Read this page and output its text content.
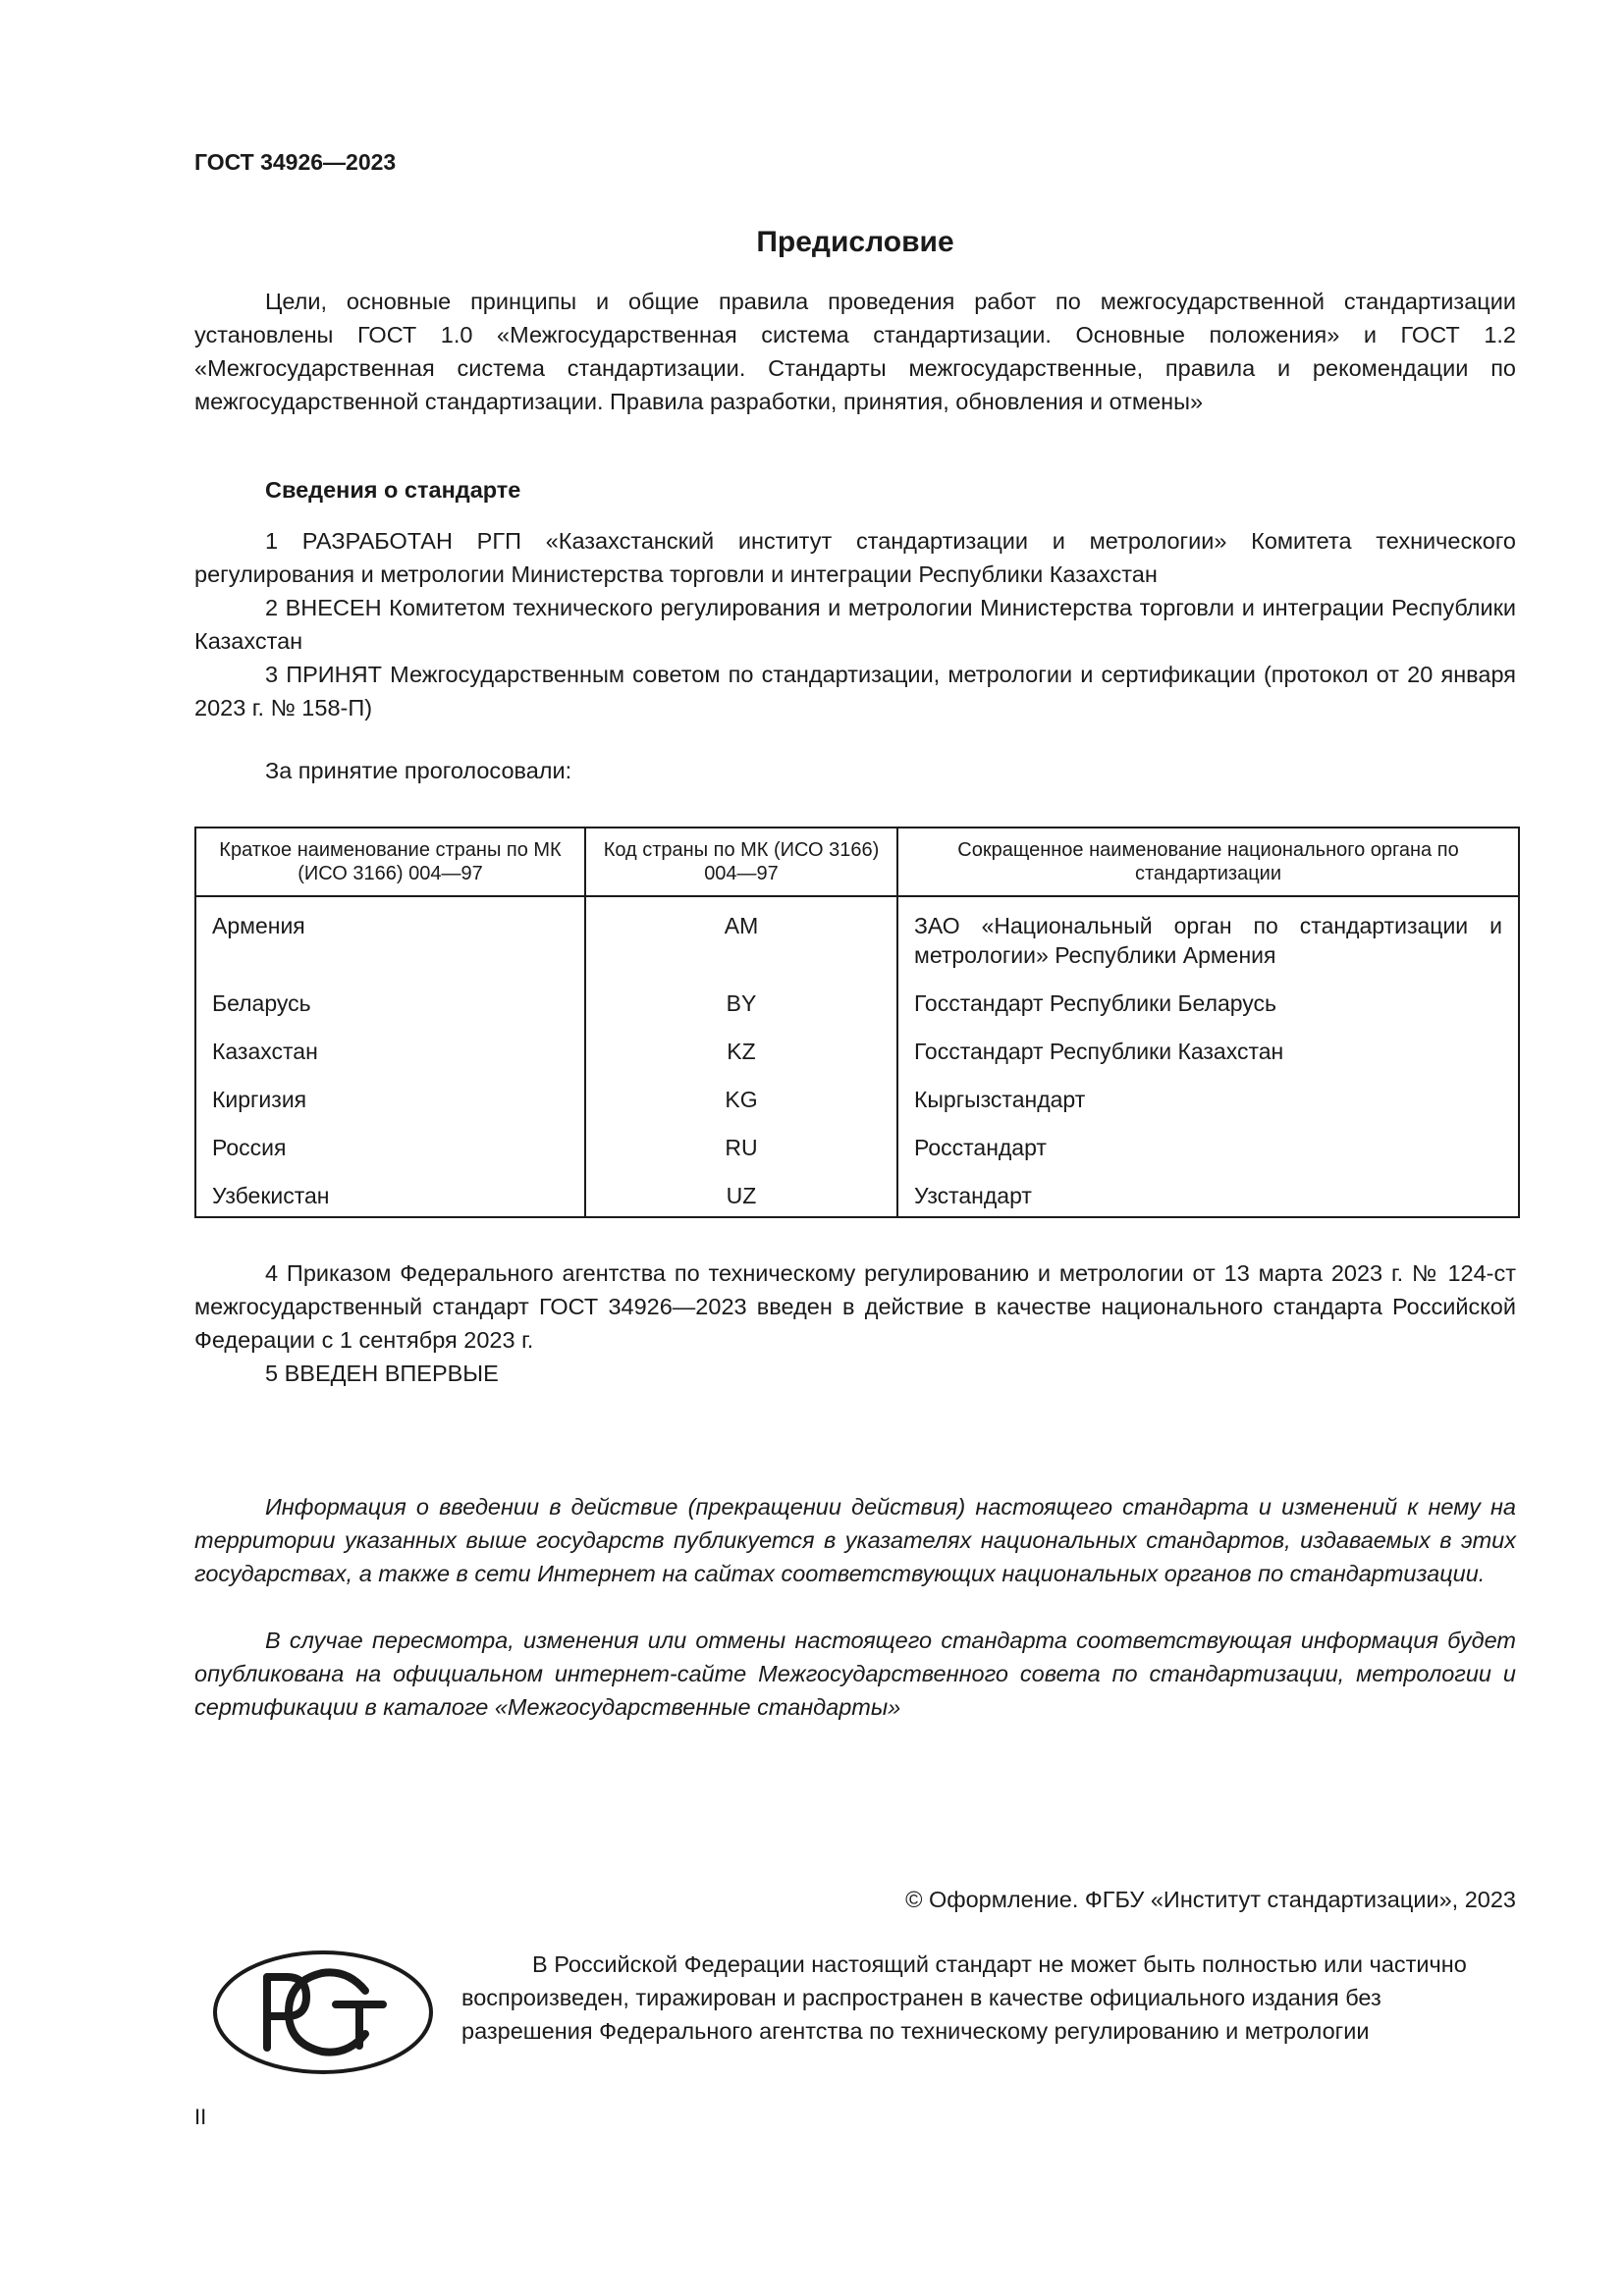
ГОСТ 34926—2023
Предисловие

Цели, основные принципы и общие правила проведения работ по межгосударственной стандартизации установлены ГОСТ 1.0 «Межгосударственная система стандартизации. Основные положения» и ГОСТ 1.2 «Межгосударственная система стандартизации. Стандарты межгосударственные, правила и рекомендации по межгосударственной стандартизации. Правила разработки, принятия, обновления и отмены»

Сведения о стандарте

1 РАЗРАБОТАН РГП «Казахстанский институт стандартизации и метрологии» Комитета технического регулирования и метрологии Министерства торговли и интеграции Республики Казахстан

2 ВНЕСЕН Комитетом технического регулирования и метрологии Министерства торговли и интеграции Республики Казахстан

3 ПРИНЯТ Межгосударственным советом по стандартизации, метрологии и сертификации (протокол от 20 января 2023 г. № 158-П)

За принятие проголосовали:
Краткое наименование страны по МК (ИСО 3166) 004—97	Код страны по МК (ИСО 3166) 004—97	Сокращенное наименование национального органа по стандартизации
Армения	AM	ЗАО «Национальный орган по стандартизации и метрологии» Республики Армения
Беларусь	BY	Госстандарт Республики Беларусь
Казахстан	KZ	Госстандарт Республики Казахстан
Киргизия	KG	Кыргызстандарт
Россия	RU	Росстандарт
Узбекистан	UZ	Узстандарт

4 Приказом Федерального агентства по техническому регулированию и метрологии от 13 марта 2023 г. № 124-ст межгосударственный стандарт ГОСТ 34926—2023 введен в действие в качестве национального стандарта Российской Федерации с 1 сентября 2023 г.

5 ВВЕДЕН ВПЕРВЫЕ

Информация о введении в действие (прекращении действия) настоящего стандарта и изменений к нему на территории указанных выше государств публикуется в указателях национальных стандартов, издаваемых в этих государствах, а также в сети Интернет на сайтах соответствующих национальных органов по стандартизации.

В случае пересмотра, изменения или отмены настоящего стандарта соответствующая информация будет опубликована на официальном интернет-сайте Межгосударственного совета по стандартизации, метрологии и сертификации в каталоге «Межгосударственные стандарты»

© Оформление. ФГБУ «Институт стандартизации», 2023

В Российской Федерации настоящий стандарт не может быть полностью или частично воспроизведен, тиражирован и распространен в качестве официального издания без разрешения Федерального агентства по техническому регулированию и метрологии

II
